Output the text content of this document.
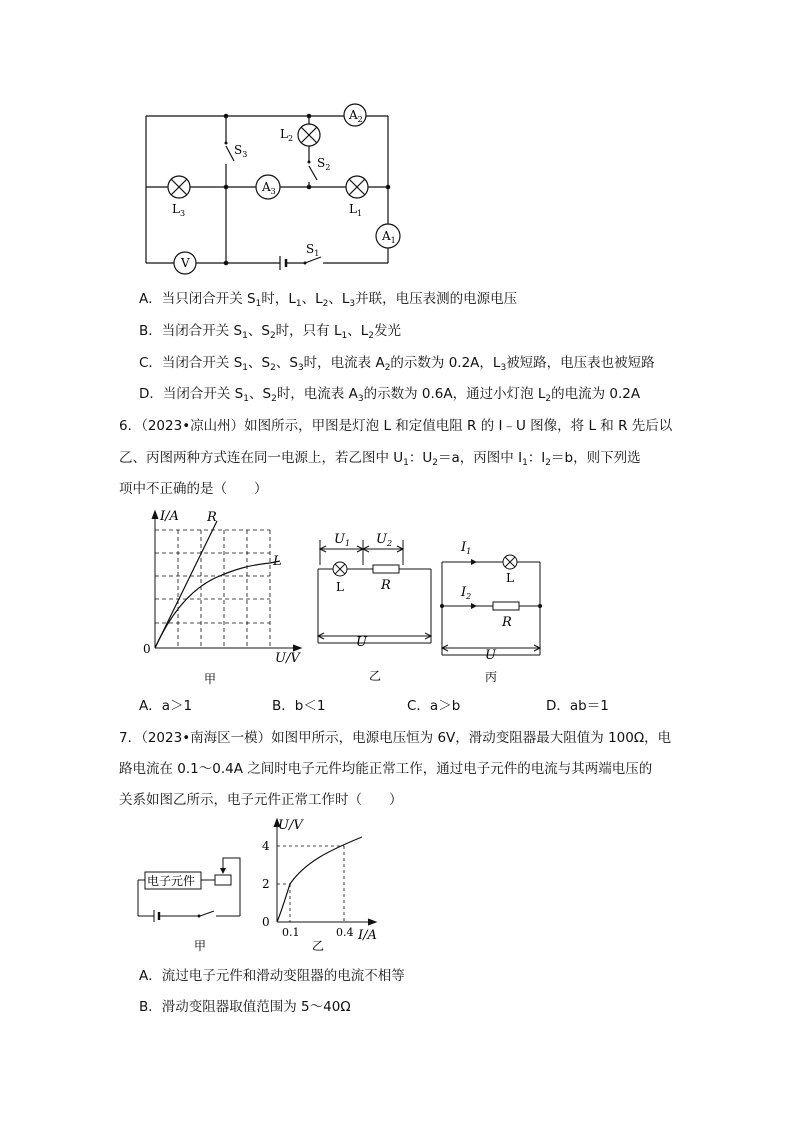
$A_2$
$A_3$
$A_1$
V
$L_3$	$L_1$
$L_2$
$S_3$
$S_2$
$S_1$
A．当只闭合开关 $S_1$时，$L_1$、$L_2$、$L_3$并联，电压表测的电源电压
B．当闭合开关 $S_1$、$S_2$时，只有 $L_1$、$L_2$发光
C．当闭合开关 $S_1$、$S_2$、$S_3$时，电流表 $A_2$的示数为 0.2A，$L_3$被短路，电压表也被短路
D．当闭合开关 $S_1$、$S_2$时，电流表 $A_3$的示数为 0.6A，通过小灯泡 $L_2$的电流为 0.2A
6．（2023•凉山州）如图所示，甲图是灯泡 L 和定值电阻 R 的 I﹣U 图像，将 L 和 R 先后以
乙、丙图两种方式连在同一电源上，若乙图中 $U_1$：$U_2=a$，丙图中 $I_1$：$I_2=b$，则下列选
项中不正确的是（　　）
I/A
U/V
0
R
L
甲
$U_1$ $U_2$
L	R
U
乙
$I_1$
$I_2$
L
R
U
丙
A．a＞1	B．b＜1	C．a＞b	D．ab＝1
7．（2023•南海区一模）如图甲所示，电源电压恒为 6V，滑动变阻器最大阻值为 100Ω，电
路电流在 0.1～0.4A 之间时电子元件均能正常工作，通过电子元件的电流与其两端电压的
关系如图乙所示，电子元件正常工作时（　　）
电子元件
甲
U/V
I/A
4
2
0
0.1	0.4
乙
A．流过电子元件和滑动变阻器的电流不相等
B．滑动变阻器取值范围为 5～40Ω
